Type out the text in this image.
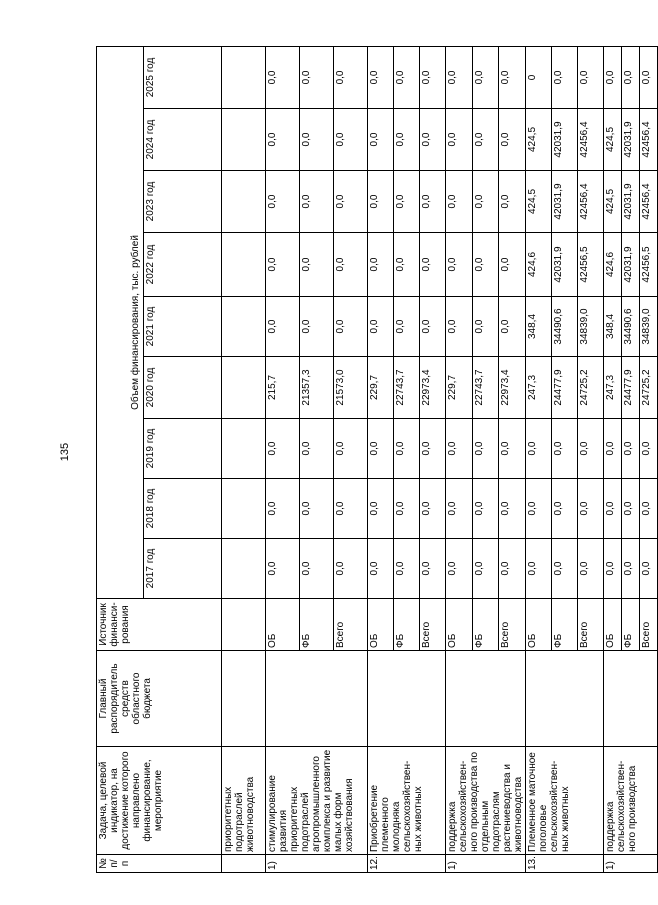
135
№ п/п	Задача, целевой индикатор, на достижение которого направлено финансирование, мероприятие	Главный распорядитель средств областного бюджета	Источник финанси-рования									
				Объем финансирования, тыс. рублей								
				2017 год	2018 год	2019 год	2020 год	2021 год	2022 год	2023 год	2024 год	2025 год
	приоритетных подотраслей животноводства											
1)	стимулирование развития приоритетных подотраслей агропромышленного комплекса и развитие малых форм хозяйствования		ОБ	0,0	0,0	0,0	215,7	0,0	0,0	0,0	0,0	0,0
			ФБ	0,0	0,0	0,0	21357,3	0,0	0,0	0,0	0,0	0,0
			Всего	0,0	0,0	0,0	21573,0	0,0	0,0	0,0	0,0	0,0
12.	Приобретение племенного молодняка сельскохозяйствен-ных животных		ОБ	0,0	0,0	0,0	229,7	0,0	0,0	0,0	0,0	0,0
			ФБ	0,0	0,0	0,0	22743,7	0,0	0,0	0,0	0,0	0,0
			Всего	0,0	0,0	0,0	22973,4	0,0	0,0	0,0	0,0	0,0
1)	поддержка сельскохозяйствен-ного производства по отдельным подотраслям растениеводства и животноводства		ОБ	0,0	0,0	0,0	229,7	0,0	0,0	0,0	0,0	0,0
			ФБ	0,0	0,0	0,0	22743,7	0,0	0,0	0,0	0,0	0,0
			Всего	0,0	0,0	0,0	22973,4	0,0	0,0	0,0	0,0	0,0
13.	Племенное маточное поголовье сельскохозяйствен-ных животных		ОБ	0,0	0,0	0,0	247,3	348,4	424,6	424,5	424,5	0
			ФБ	0,0	0,0	0,0	24477,9	34490,6	42031,9	42031,9	42031,9	0,0
			Всего	0,0	0,0	0,0	24725,2	34839,0	42456,5	42456,4	42456,4	0,0
1)	поддержка сельскохозяйствен-ного производства		ОБ	0,0	0,0	0,0	247,3	348,4	424,6	424,5	424,5	0,0
			ФБ	0,0	0,0	0,0	24477,9	34490,6	42031,9	42031,9	42031,9	0,0
			Всего	0,0	0,0	0,0	24725,2	34839,0	42456,5	42456,4	42456,4	0,0
